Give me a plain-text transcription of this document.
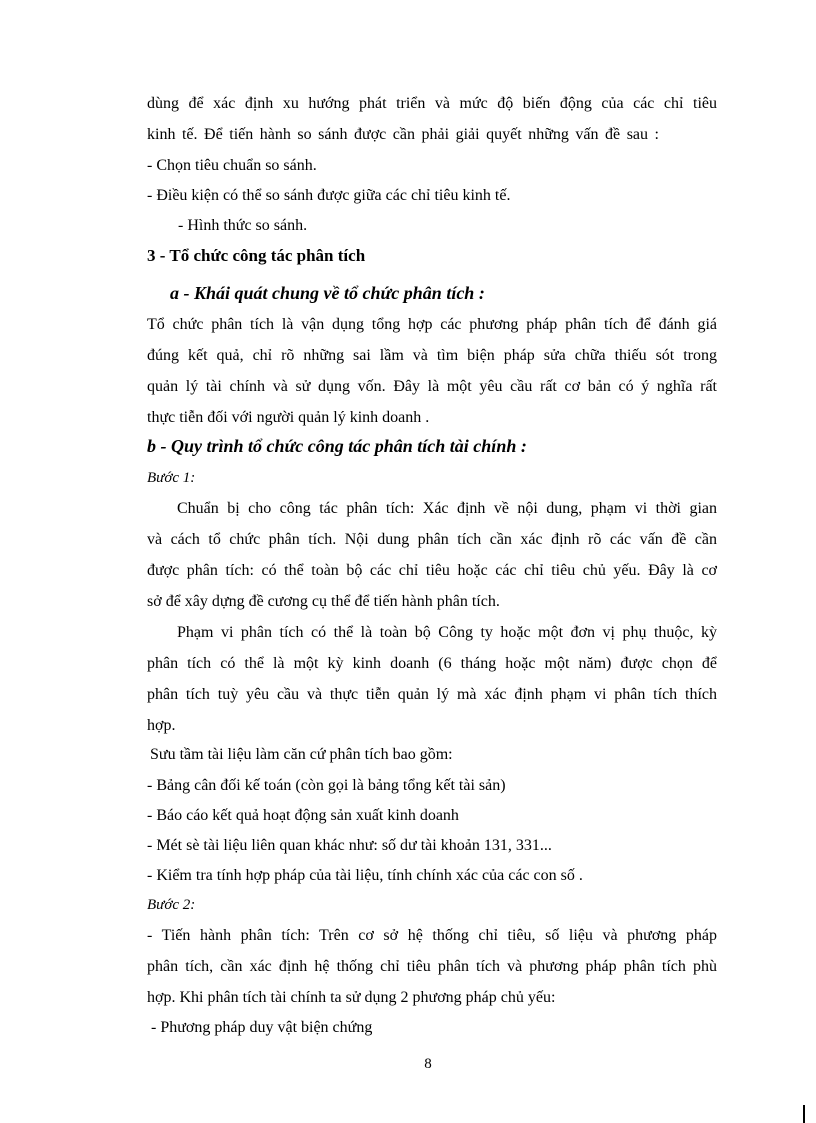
dùng để xác định xu hướng phát triển và mức độ biến động của các chỉ tiêu
kinh tế. Để tiến hành so sánh được cần phải giải quyết những vấn đề sau :
- Chọn tiêu chuẩn so sánh.
- Điều kiện có thể so sánh được giữa các chỉ tiêu kinh tế.
- Hình thức so sánh.
3 - Tổ chức công tác phân tích
a - Khái quát chung về tổ chức phân tích :
Tổ chức phân tích là vận dụng tổng hợp các phương pháp phân tích để đánh giá
đúng kết quả, chỉ rõ những sai lầm và tìm biện pháp sửa chữa thiếu sót trong
quản lý tài chính và sử dụng vốn. Đây là một yêu cầu rất cơ bản có ý nghĩa rất
thực tiễn đối với người quản lý kinh doanh .
b - Quy trình tổ chức công tác phân tích tài chính :
Bước 1:
Chuẩn bị cho công tác phân tích: Xác định về nội dung, phạm vi thời gian
và cách tổ chức phân tích. Nội dung phân tích cần xác định rõ các vấn đề cần
được phân tích: có thể toàn bộ các chỉ tiêu hoặc các chỉ tiêu chủ yếu. Đây là cơ
sở để xây dựng đề cương cụ thể để tiến hành phân tích.
Phạm vi phân tích có thể là toàn bộ Công ty hoặc một đơn vị phụ thuộc, kỳ
phân tích có thể là một kỳ kinh doanh (6 tháng hoặc một năm) được chọn để
phân tích tuỳ yêu cầu và thực tiễn quản lý mà xác định phạm vi phân tích thích
hợp.
Sưu tầm tài liệu làm căn cứ phân tích bao gồm:
- Bảng cân đối kế toán (còn gọi là bảng tổng kết tài sản)
- Báo cáo kết quả hoạt động sản xuất kinh doanh
- Mét sè tài liệu liên quan khác như: số dư tài khoản 131, 331...
- Kiểm tra tính hợp pháp của tài liệu, tính chính xác của các con số .
Bước 2:
- Tiến hành phân tích: Trên cơ sở hệ thống chỉ tiêu, số liệu và phương pháp
phân tích, cần xác định hệ thống chỉ tiêu phân tích và phương pháp phân tích phù
hợp. Khi phân tích tài chính ta sử dụng 2 phương pháp chủ yếu:
- Phương pháp duy vật biện chứng
8
